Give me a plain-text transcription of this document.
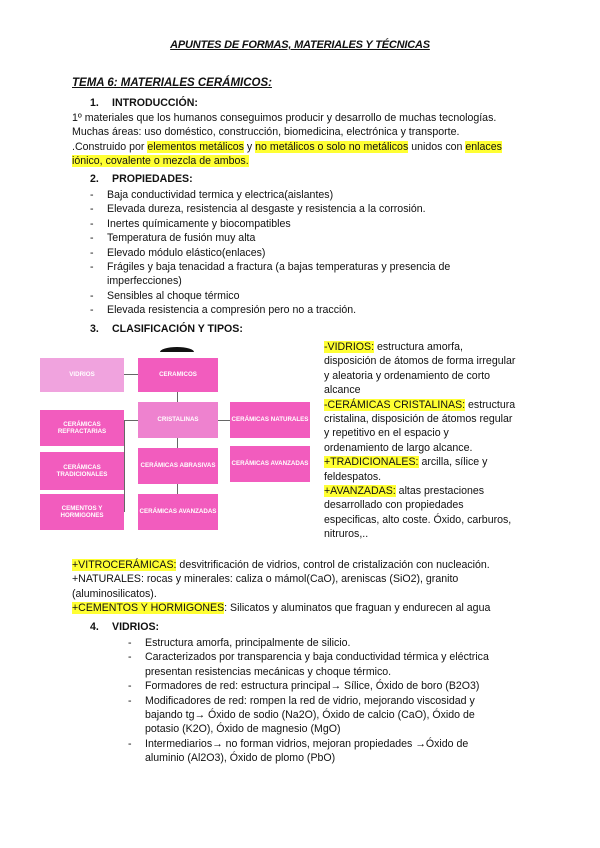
APUNTES DE FORMAS, MATERIALES Y TÉCNICAS
TEMA 6: MATERIALES CERÁMICOS:
1. INTRODUCCIÓN:
1º materiales que los humanos conseguimos producir y desarrollo de muchas tecnologías.
Muchas áreas: uso doméstico, construcción, biomedicina, electrónica y transporte.
.Construido por elementos metálicos y no metálicos o solo no metálicos unidos con enlaces
iónico, covalente o mezcla de ambos.
2. PROPIEDADES:
- Baja conductividad termica y electrica(aislantes)
- Elevada dureza, resistencia al desgaste y resistencia a la corrosión.
- Inertes químicamente y biocompatibles
- Temperatura de fusión muy alta
- Elevado módulo elástico(enlaces)
- Frágiles y baja tenacidad a fractura (a bajas temperaturas y presencia de
imperfecciones)
- Sensibles al choque térmico
- Elevada resistencia a compresión pero no a tracción.
3. CLASIFICACIÓN Y TIPOS:
VIDRIOS	CERAMICOS
CRISTALINAS	CERÁMICAS NATURALES
CERÁMICAS AVANZADAS
CERÁMICAS REFRACTARIAS
CERÁMICAS TRADICIONALES
CEMENTOS Y HORMIGONES
CERÁMICAS ABRASIVAS
CERÁMICAS AVANZADAS
-VIDRIOS: estructura amorfa,
disposición de átomos de forma irregular
y aleatoria y ordenamiento de corto
alcance
-CERÁMICAS CRISTALINAS: estructura
cristalina, disposición de átomos regular
y repetitivo en el espacio y
ordenamiento de largo alcance.
+TRADICIONALES: arcilla, sílice y
feldespatos.
+AVANZADAS: altas prestaciones
desarrollado con propiedades
especificas, alto coste. Óxido, carburos,
nitruros,..
+VITROCERÁMICAS: desvitrificación de vidrios, control de cristalización con nucleación.
+NATURALES: rocas y minerales: caliza o mámol(CaO), areniscas (SiO2), granito
(aluminosilicatos).
+CEMENTOS Y HORMIGONES: Silicatos y aluminatos que fraguan y endurecen al agua
4. VIDRIOS:
- Estructura amorfa, principalmente de silicio.
- Caracterizados por transparencia y baja conductividad térmica y eléctrica
presentan resistencias mecánicas y choque térmico.
- Formadores de red: estructura principal→ Sílice, Óxido de boro (B2O3)
- Modificadores de red: rompen la red de vidrio, mejorando viscosidad y
bajando tg→ Óxido de sodio (Na2O), Óxido de calcio (CaO), Óxido de
potasio (K2O), Óxido de magnesio (MgO)
- Intermediarios→ no forman vidrios, mejoran propiedades →Óxido de
aluminio (Al2O3), Óxido de plomo (PbO)
